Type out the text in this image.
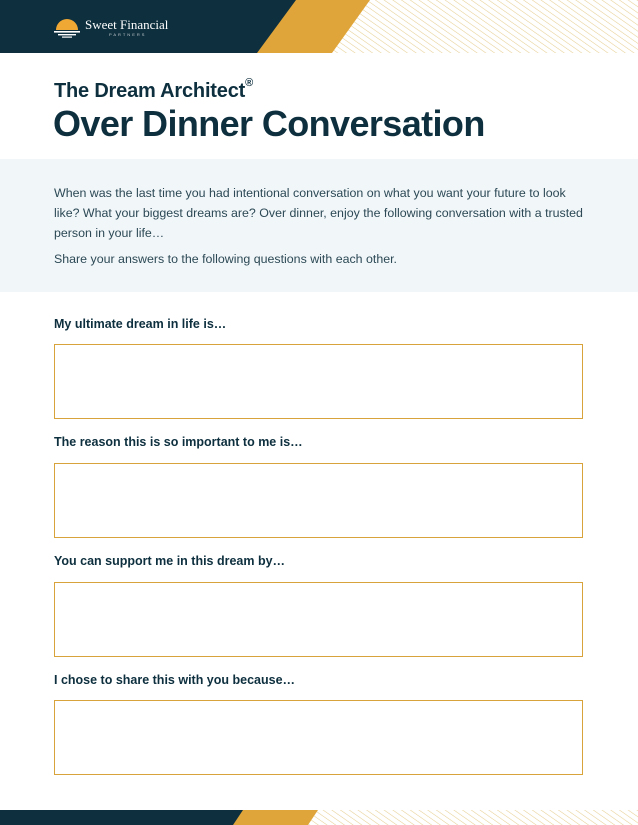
Sweet Financial
PARTNERS
The Dream Architect®
Over Dinner Conversation

When was the last time you had intentional conversation on what you want your future to look like? What your biggest dreams are? Over dinner, enjoy the following conversation with a trusted person in your life…

Share your answers to the following questions with each other.

My ultimate dream in life is…
The reason this is so important to me is…
You can support me in this dream by…
I chose to share this with you because…
